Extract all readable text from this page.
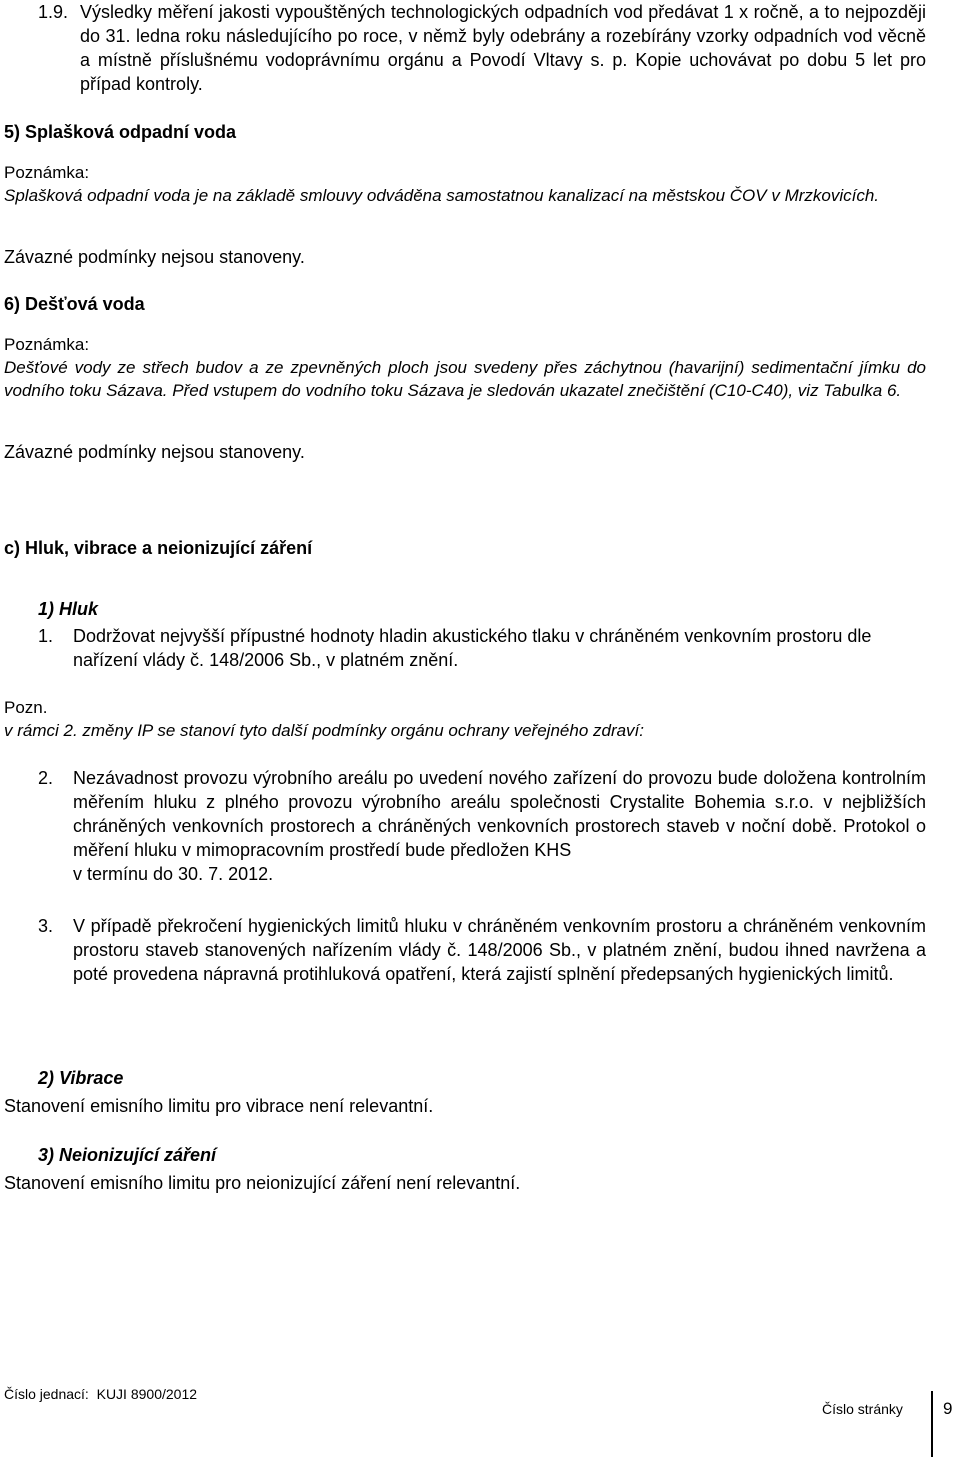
1.9. Výsledky měření jakosti vypouštěných technologických odpadních vod předávat 1 x ročně, a to nejpozději do 31. ledna roku následujícího po roce, v němž byly odebrány a rozebírány vzorky odpadních vod věcně a místně příslušnému vodoprávnímu orgánu a Povodí Vltavy s. p. Kopie uchovávat po dobu 5 let pro případ kontroly.
5) Splašková odpadní voda
Poznámka:
Splašková odpadní voda je na základě smlouvy odváděna samostatnou kanalizací na městskou ČOV v Mrzkovicích.
Závazné podmínky nejsou stanoveny.
6) Dešťová voda
Poznámka:
Dešťové vody ze střech budov a ze zpevněných ploch jsou svedeny přes záchytnou (havarijní) sedimentační jímku do vodního toku Sázava. Před vstupem do vodního toku Sázava je sledován ukazatel znečištění (C10-C40), viz Tabulka 6.
Závazné podmínky nejsou stanoveny.
c) Hluk, vibrace a neionizující záření
1) Hluk
1.	Dodržovat nejvyšší přípustné hodnoty hladin akustického tlaku v chráněném venkovním prostoru dle nařízení vlády č. 148/2006 Sb., v platném znění.
Pozn.
v rámci 2. změny IP se stanoví tyto další podmínky orgánu ochrany veřejného zdraví:
2.	Nezávadnost provozu výrobního areálu po uvedení nového zařízení do provozu bude doložena kontrolním měřením hluku z plného provozu výrobního areálu společnosti Crystalite Bohemia s.r.o. v nejbližších chráněných venkovních prostorech a chráněných venkovních prostorech staveb v noční době. Protokol o měření hluku v mimopracovním prostředí bude předložen KHS
v termínu do 30. 7. 2012.
3.	V případě překročení hygienických limitů hluku v chráněném venkovním prostoru a chráněném venkovním prostoru staveb stanovených nařízením vlády č. 148/2006 Sb., v platném znění, budou ihned navržena a poté provedena nápravná protihluková opatření, která zajistí splnění předepsaných hygienických limitů.
2) Vibrace
Stanovení emisního limitu pro vibrace není relevantní.
3) Neionizující záření
Stanovení emisního limitu pro neionizující záření není relevantní.
Číslo jednací: KUJI 8900/2012
Číslo stránky 9
